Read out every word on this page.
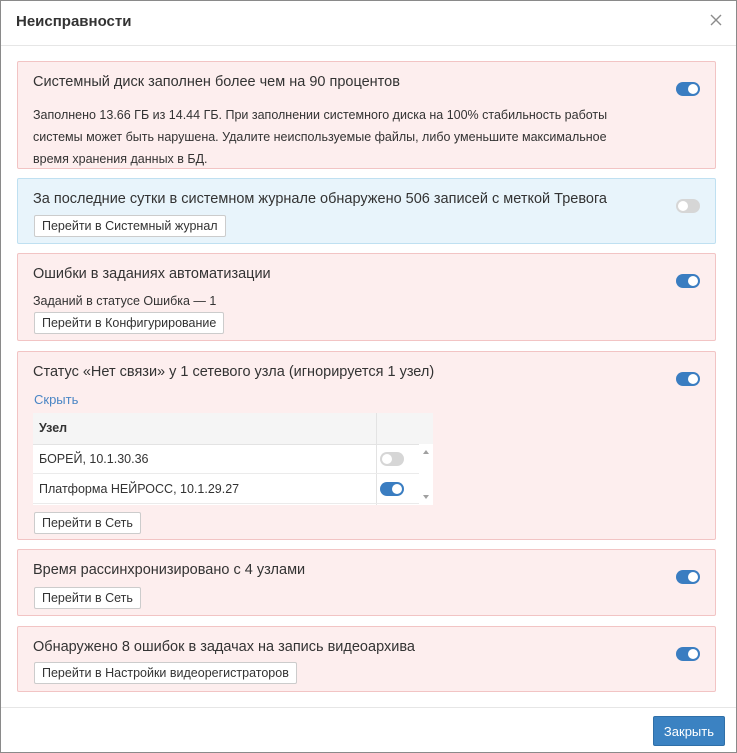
Неисправности
Системный диск заполнен более чем на 90 процентов
Заполнено 13.66 ГБ из 14.44 ГБ. При заполнении системного диска на 100% стабильность работы
системы может быть нарушена. Удалите неиспользуемые файлы, либо уменьшите максимальное
время хранения данных в БД.
За последние сутки в системном журнале обнаружено 506 записей с меткой Тревога
Перейти в Системный журнал
Ошибки в заданиях автоматизации
Заданий в статусе Ошибка — 1
Перейти в Конфигурирование
Статус «Нет связи» у 1 сетевого узла (игнорируется 1 узел)
Скрыть
Узел
БОРЕЙ, 10.1.30.36
Платформа НЕЙРОСС, 10.1.29.27
Перейти в Сеть
Время рассинхронизировано с 4 узлами
Перейти в Сеть
Обнаружено 8 ошибок в задачах на запись видеоархива
Перейти в Настройки видеорегистраторов
Закрыть
